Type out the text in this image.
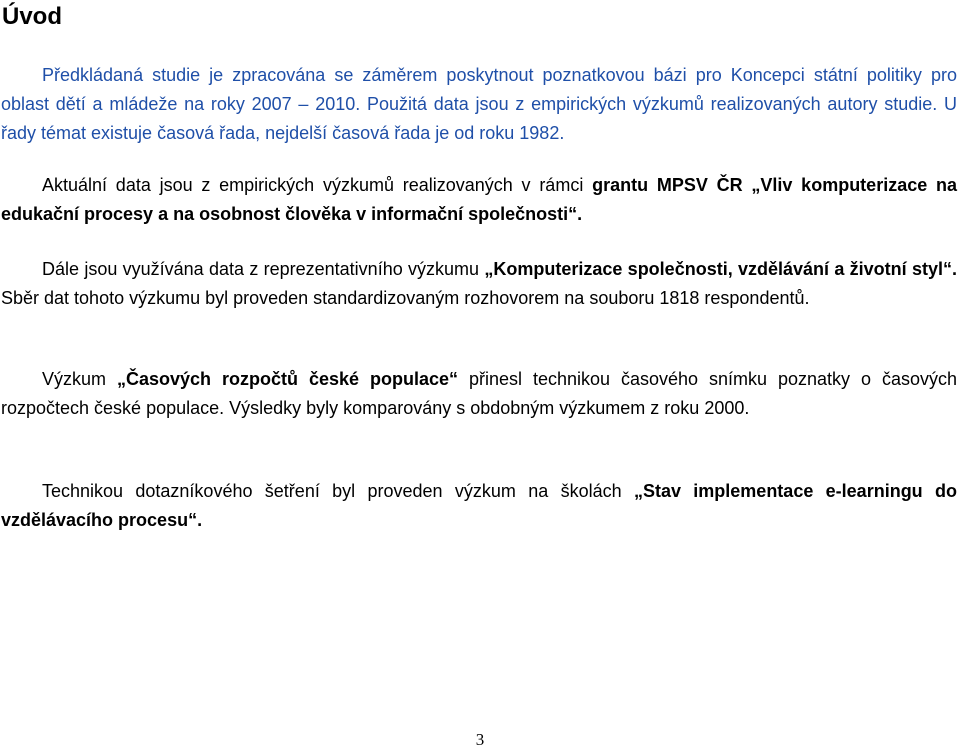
Úvod

Předkládaná studie je zpracována se záměrem poskytnout poznatkovou bázi pro Koncepci státní politiky pro oblast dětí a mládeže na roky 2007 – 2010. Použitá data jsou z empirických výzkumů realizovaných autory studie. U řady témat existuje časová řada, nejdelší časová řada je od roku 1982.

Aktuální data jsou z empirických výzkumů realizovaných v rámci grantu MPSV ČR „Vliv komputerizace na edukační procesy a na osobnost člověka v informační společnosti“.

Dále jsou využívána data z reprezentativního výzkumu „Komputerizace společnosti, vzdělávání a životní styl“. Sběr dat tohoto výzkumu byl proveden standardizovaným rozhovorem na souboru 1818 respondentů.

Výzkum „Časových rozpočtů české populace“ přinesl technikou časového snímku poznatky o časových rozpočtech české populace. Výsledky byly komparovány s obdobným výzkumem z roku 2000.

Technikou dotazníkového šetření byl proveden výzkum na školách „Stav implementace e-learningu do vzdělávacího procesu“.

3
